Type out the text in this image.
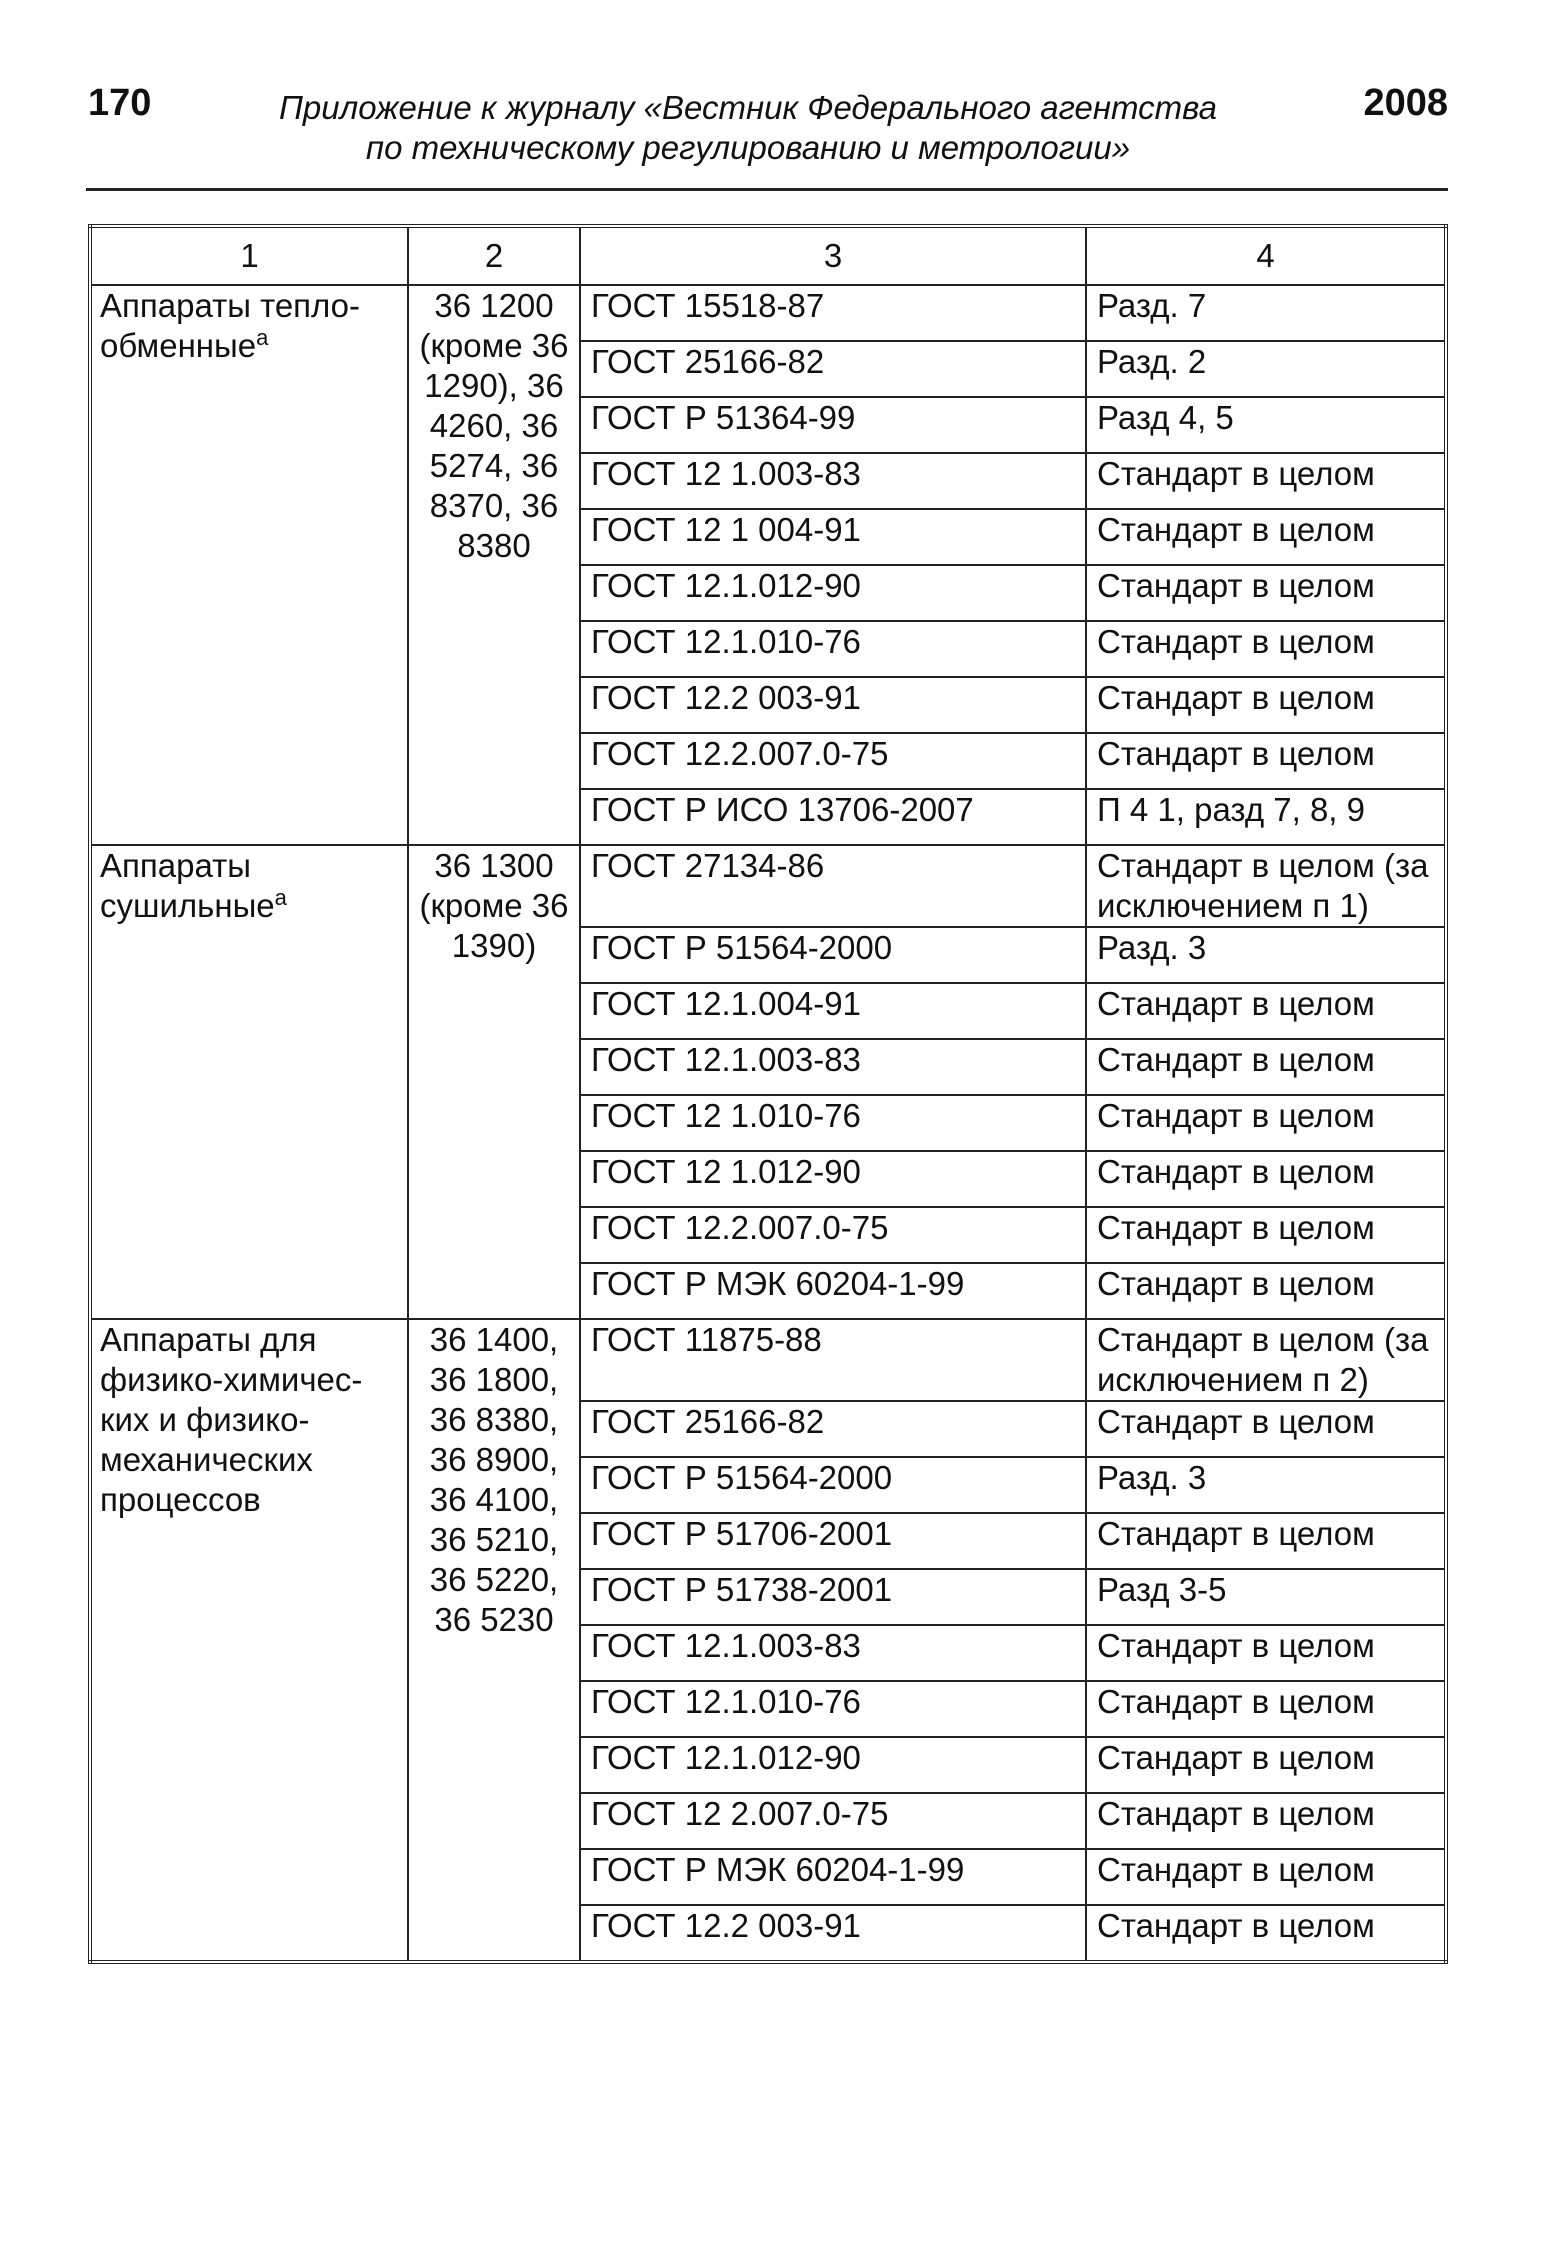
170	Приложение к журналу «Вестник Федерального агентства
по техническому регулированию и метрологии»
2008
1	2	3	4
Аппараты тепло-обменные$^а$	36 1200 (кроме 36 1290), 36 4260, 36 5274, 36 8370, 36 8380	ГОСТ 15518-87	Разд. 7
		ГОСТ 25166-82	Разд. 2
		ГОСТ Р 51364-99	Разд 4, 5
		ГОСТ 12 1.003-83	Стандарт в целом
		ГОСТ 12 1 004-91	Стандарт в целом
		ГОСТ 12.1.012-90	Стандарт в целом
		ГОСТ 12.1.010-76	Стандарт в целом
		ГОСТ 12.2 003-91	Стандарт в целом
		ГОСТ 12.2.007.0-75	Стандарт в целом
		ГОСТ Р ИСО 13706-2007	П 4 1, разд 7, 8, 9
Аппараты сушильные$^а$	36 1300 (кроме 36 1390)	ГОСТ 27134-86	Стандарт в целом (за исключением п 1)
		ГОСТ Р 51564-2000	Разд. 3
		ГОСТ 12.1.004-91	Стандарт в целом
		ГОСТ 12.1.003-83	Стандарт в целом
		ГОСТ 12 1.010-76	Стандарт в целом
		ГОСТ 12 1.012-90	Стандарт в целом
		ГОСТ 12.2.007.0-75	Стандарт в целом
		ГОСТ Р МЭК 60204-1-99	Стандарт в целом
Аппараты для физико-химичес-ких и физико-механических процессов	36 1400, 36 1800, 36 8380, 36 8900, 36 4100, 36 5210, 36 5220, 36 5230	ГОСТ 11875-88	Стандарт в целом (за исключением п 2)
		ГОСТ 25166-82	Стандарт в целом
		ГОСТ Р 51564-2000	Разд. 3
		ГОСТ Р 51706-2001	Стандарт в целом
		ГОСТ Р 51738-2001	Разд 3-5
		ГОСТ 12.1.003-83	Стандарт в целом
		ГОСТ 12.1.010-76	Стандарт в целом
		ГОСТ 12.1.012-90	Стандарт в целом
		ГОСТ 12 2.007.0-75	Стандарт в целом
		ГОСТ Р МЭК 60204-1-99	Стандарт в целом
		ГОСТ 12.2 003-91	Стандарт в целом
